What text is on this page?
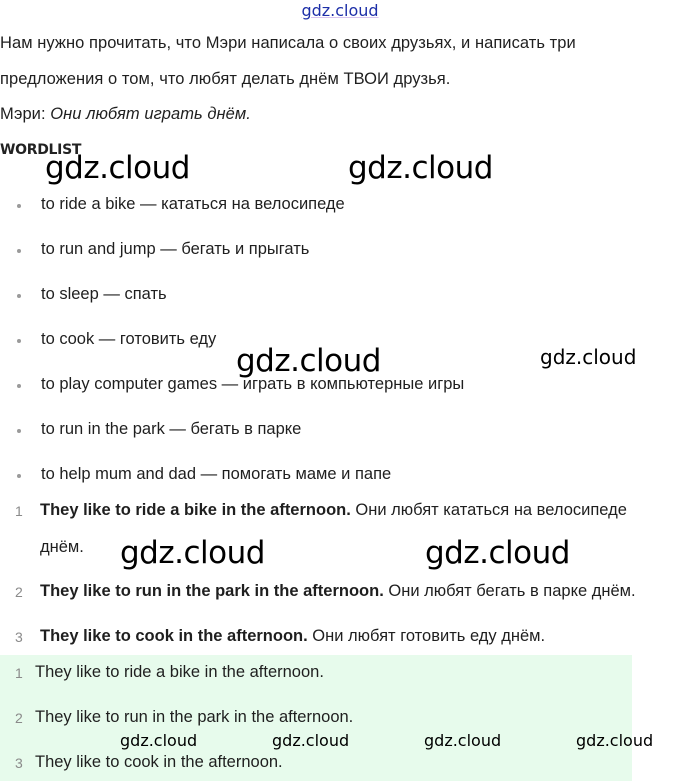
gdz.cloud
Нам нужно прочитать, что Мэри написала о своих друзьях, и написать три
предложения о том, что любят делать днём ТВОИ друзья.
Мэри: Они любят играть днём.
WORDLIST
to ride a bike — кататься на велосипеде
to run and jump — бегать и прыгать
to sleep — спать
to cook — готовить еду
to play computer games — играть в компьютерные игры
to run in the park — бегать в парке
to help mum and dad — помогать маме и папе
1 They like to ride a bike in the afternoon. Они любят кататься на велосипеде
днём.
2 They like to run in the park in the afternoon. Они любят бегать в парке днём.
3 They like to cook in the afternoon. Они любят готовить еду днём.
1 They like to ride a bike in the afternoon.
2 They like to run in the park in the afternoon.
3 They like to cook in the afternoon.
gdz.cloud	gdz.cloud
gdz.cloud	gdz.cloud
gdz.cloud	gdz.cloud
gdz.cloud	gdz.cloud	gdz.cloud	gdz.cloud
